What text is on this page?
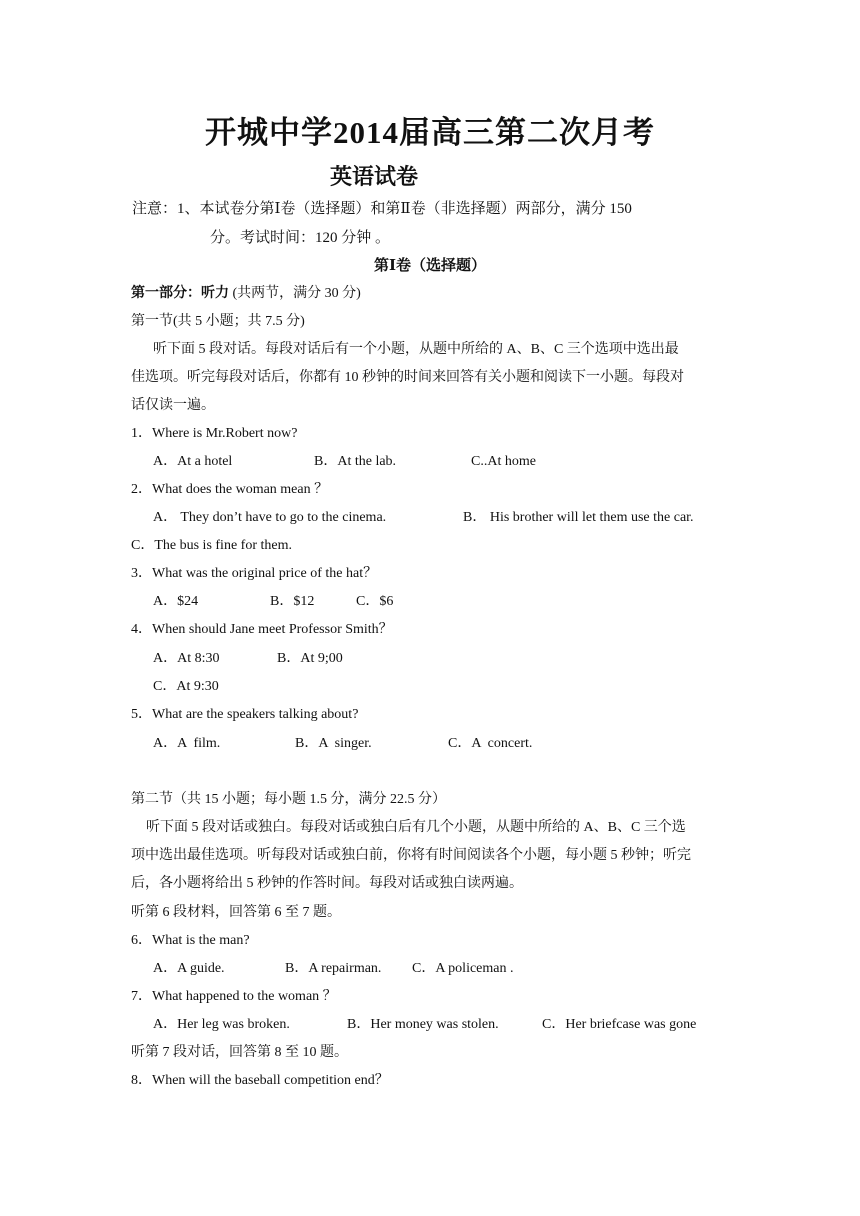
开城中学2014届高三第二次月考
英语试卷
注意：1、本试卷分第Ⅰ卷（选择题）和第Ⅱ卷（非选择题）两部分，满分 150
分。考试时间：120 分钟 。
第Ⅰ卷（选择题）
第一部分：听力 (共两节，满分 30 分)
第一节(共 5 小题；共 7.5 分)
听下面 5 段对话。每段对话后有一个小题，从题中所给的 A、B、C 三个选项中选出最
佳选项。听完每段对话后，你都有 10 秒钟的时间来回答有关小题和阅读下一小题。每段对
话仅读一遍。
1．Where is Mr.Robert now?
A．At a hotel	B．At the lab.	C..At home
2．What does the woman mean ？
A． They don’t have to go to the cinema.	B． His brother will let them use the car.
C．The bus is fine for them.
3．What was the original price of the hat？
A．$24	B．$12	C．$6
4．When should Jane meet Professor Smith？
A．At 8:30	B．At 9;00
C．At 9:30
5．What are the speakers talking about?
A．A  film.	B．A  singer.	C．A  concert.
第二节（共 15 小题；每小题 1.5 分，满分 22.5 分）
听下面 5 段对话或独白。每段对话或独白后有几个小题，从题中所给的 A、B、C 三个选
项中选出最佳选项。听每段对话或独白前，你将有时间阅读各个小题，每小题 5 秒钟；听完
后，各小题将给出 5 秒钟的作答时间。每段对话或独白读两遍。
听第 6 段材料，回答第 6 至 7 题。
6．What is the man?
A．A guide.	B．A repairman. C．A policeman .
7．What happened to the woman ？
A．Her leg was broken.	B．Her money was stolen.	C．Her briefcase was gone
听第 7 段对话，回答第 8 至 10 题。
8．When will the baseball competition end？
